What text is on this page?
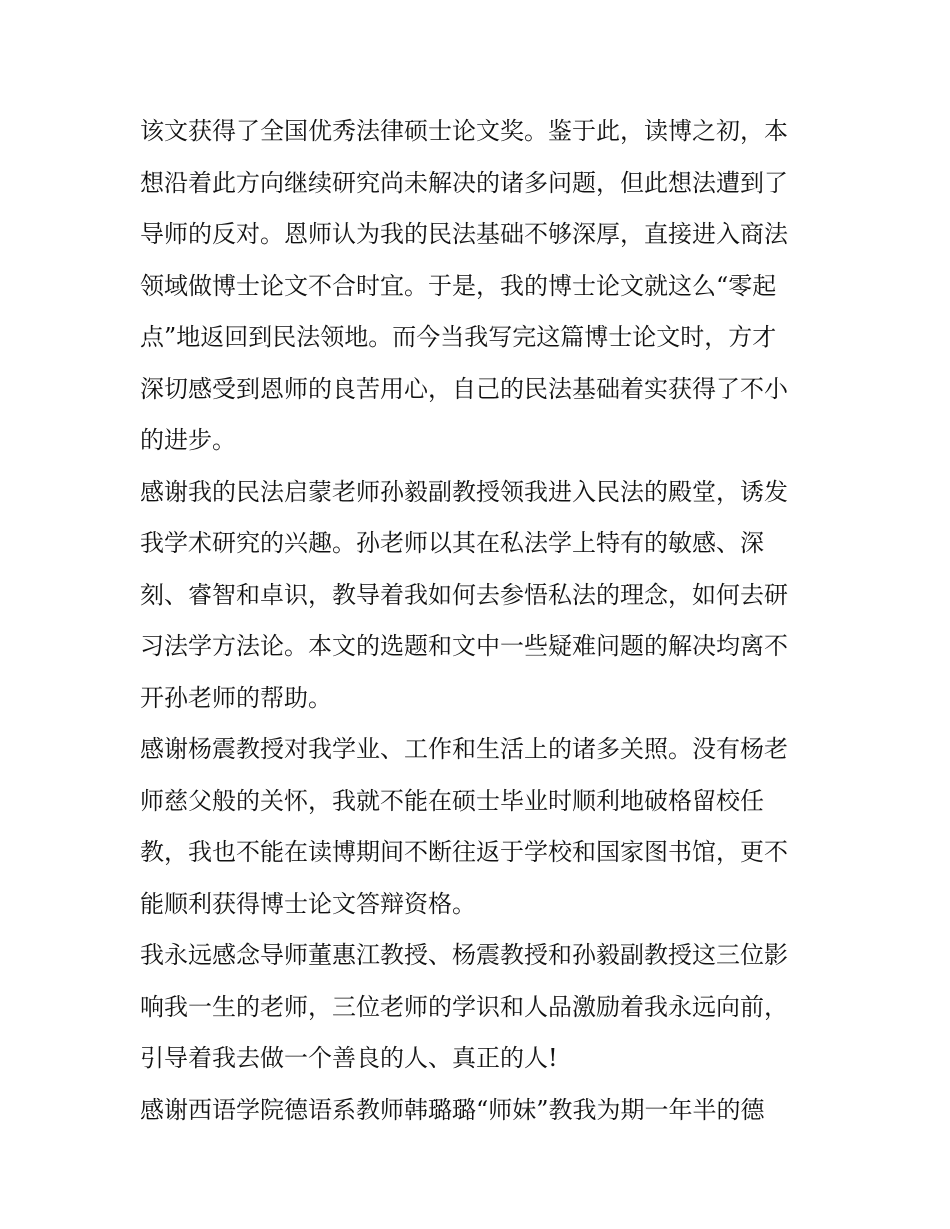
该文获得了全国优秀法律硕士论文奖。鉴于此，读博之初，本
想沿着此方向继续研究尚未解决的诸多问题，但此想法遭到了
导师的反对。恩师认为我的民法基础不够深厚，直接进入商法
领域做博士论文不合时宜。于是，我的博士论文就这么“零起
点”地返回到民法领地。而今当我写完这篇博士论文时，方才
深切感受到恩师的良苦用心，自己的民法基础着实获得了不小
的进步。
感谢我的民法启蒙老师孙毅副教授领我进入民法的殿堂，诱发
我学术研究的兴趣。孙老师以其在私法学上特有的敏感、深
刻、睿智和卓识，教导着我如何去参悟私法的理念，如何去研
习法学方法论。本文的选题和文中一些疑难问题的解决均离不
开孙老师的帮助。
感谢杨震教授对我学业、工作和生活上的诸多关照。没有杨老
师慈父般的关怀，我就不能在硕士毕业时顺利地破格留校任
教，我也不能在读博期间不断往返于学校和国家图书馆，更不
能顺利获得博士论文答辩资格。
我永远感念导师董惠江教授、杨震教授和孙毅副教授这三位影
响我一生的老师，三位老师的学识和人品激励着我永远向前，
引导着我去做一个善良的人、真正的人!
感谢西语学院德语系教师韩璐璐“师妹”教我为期一年半的德
